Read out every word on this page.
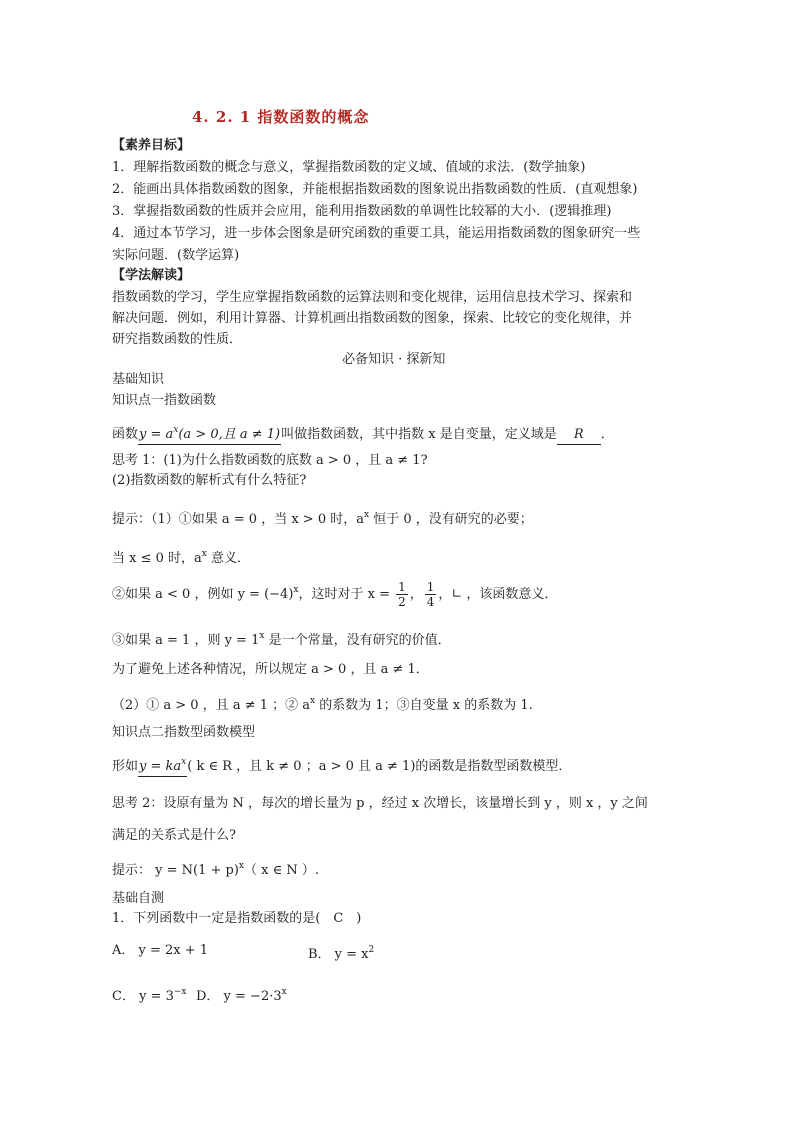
4. 2. 1 指数函数的概念
【素养目标】
1．理解指数函数的概念与意义，掌握指数函数的定义域、值域的求法．(数学抽象)
2．能画出具体指数函数的图象，并能根据指数函数的图象说出指数函数的性质．(直观想象)
3．掌握指数函数的性质并会应用，能利用指数函数的单调性比较幂的大小．(逻辑推理)
4．通过本节学习，进一步体会图象是研究函数的重要工具，能运用指数函数的图象研究一些
实际问题．(数学运算)
【学法解读】
指数函数的学习，学生应掌握指数函数的运算法则和变化规律，运用信息技术学习、探索和
解决问题．例如，利用计算器、计算机画出指数函数的图象，探索、比较它的变化规律，并
研究指数函数的性质．
必备知识 · 探新知
基础知识
知识点一指数函数
函数$y = a^x(a > 0$,且 a ≠ 1)叫做指数函数，其中指数 x 是自变量，定义域是 R ．
思考 1：(1)为什么指数函数的底数 a > 0 ，且 a ≠ 1?
(2)指数函数的解析式有什么特征?
提示：（1）①如果 a = 0 ，当 x > 0 时，$a^x$ 恒于 0 ，没有研究的必要；
当 x ≤ 0 时，$a^x$ 意义．
②如果 a < 0 ，例如 $y = (-4)^x$，这时对于 $x = \frac{1}{2}$ ， $\frac{1}{4}$ ，∟ ，该函数意义．
③如果 a = 1 ，则 $y = 1^x$ 是一个常量，没有研究的价值．
为了避免上述各种情况，所以规定 a > 0 ，且 a ≠ 1．
（2）① a > 0 ，且 a ≠ 1 ；② $a^x$ 的系数为 1；③自变量 x 的系数为 1.
知识点二指数型函数模型
形如$y = ka^x$( k ∈ R ，且 k ≠ 0 ；a > 0 且 a ≠ 1)的函数是指数型函数模型．
思考 2：设原有量为 N ，每次的增长量为 p ，经过 x 次增长，该量增长到 y ，则 x ，y 之间
满足的关系式是什么?
提示： $y = N(1 + p)^x$（ x ∈ N ）.
基础自测
1．下列函数中一定是指数函数的是(　C　)
A． y = 2x + 1	B． $y = x^2$
C． $y = 3^{-x}$ D． $y = -2\cdot 3^x$
